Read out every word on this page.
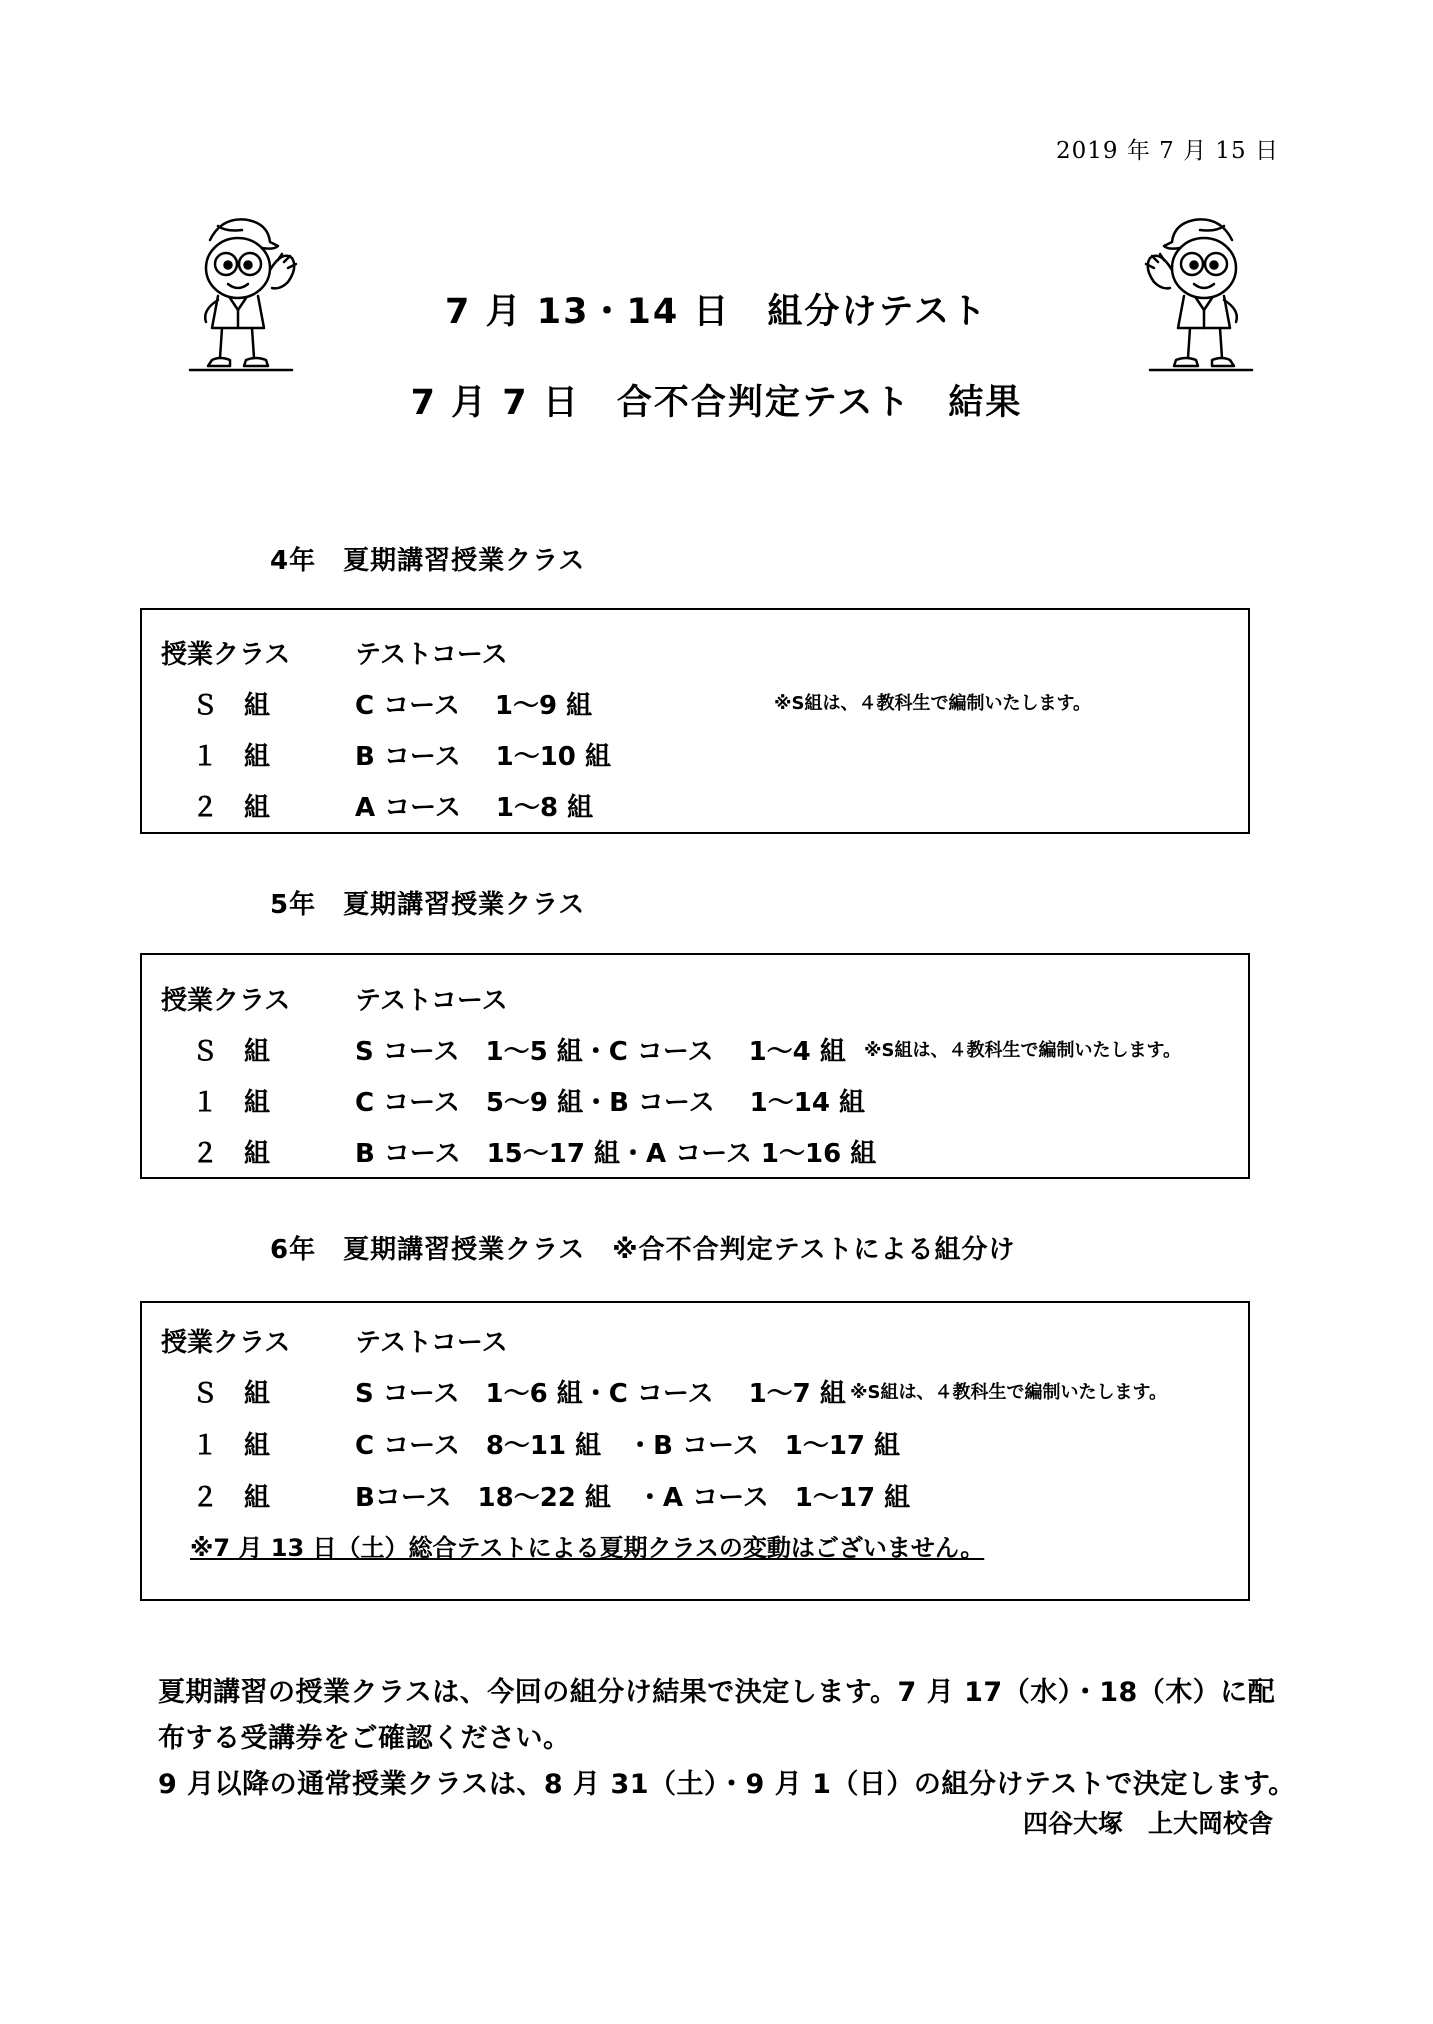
2019 年 7 月 15 日
7 月 13・14 日　組分けテスト
7 月 7 日　合不合判定テスト　結果
4年　夏期講習授業クラス
授業クラス テストコース
Ｓ　組	C コース　 1～9 組	※S組は、４教科生で編制いたします。
１　組	B コース　 1～10 組
２　組	A コース　 1～8 組
5年　夏期講習授業クラス
授業クラス テストコース
Ｓ　組	S コース　1～5 組・C コース　 1～4 組 ※S組は、４教科生で編制いたします。
１　組	C コース　5～9 組・B コース　 1～14 組
２　組	B コース　15～17 組・A コース 1～16 組
6年　夏期講習授業クラス　※合不合判定テストによる組分け
授業クラス テストコース
Ｓ　組	S コース　1～6 組・C コース　 1～7 組 ※S組は、４教科生で編制いたします。
１　組	C コース　8～11 組　・B コース　1～17 組
２　組	Bコース　18～22 組　・A コース　1～17 組
※7 月 13 日（土）総合テストによる夏期クラスの変動はございません。
夏期講習の授業クラスは、今回の組分け結果で決定します。7 月 17（水）・18（木）に配
布する受講券をご確認ください。
9 月以降の通常授業クラスは、8 月 31（土）・9 月 1（日）の組分けテストで決定します。
四谷大塚　上大岡校舎
